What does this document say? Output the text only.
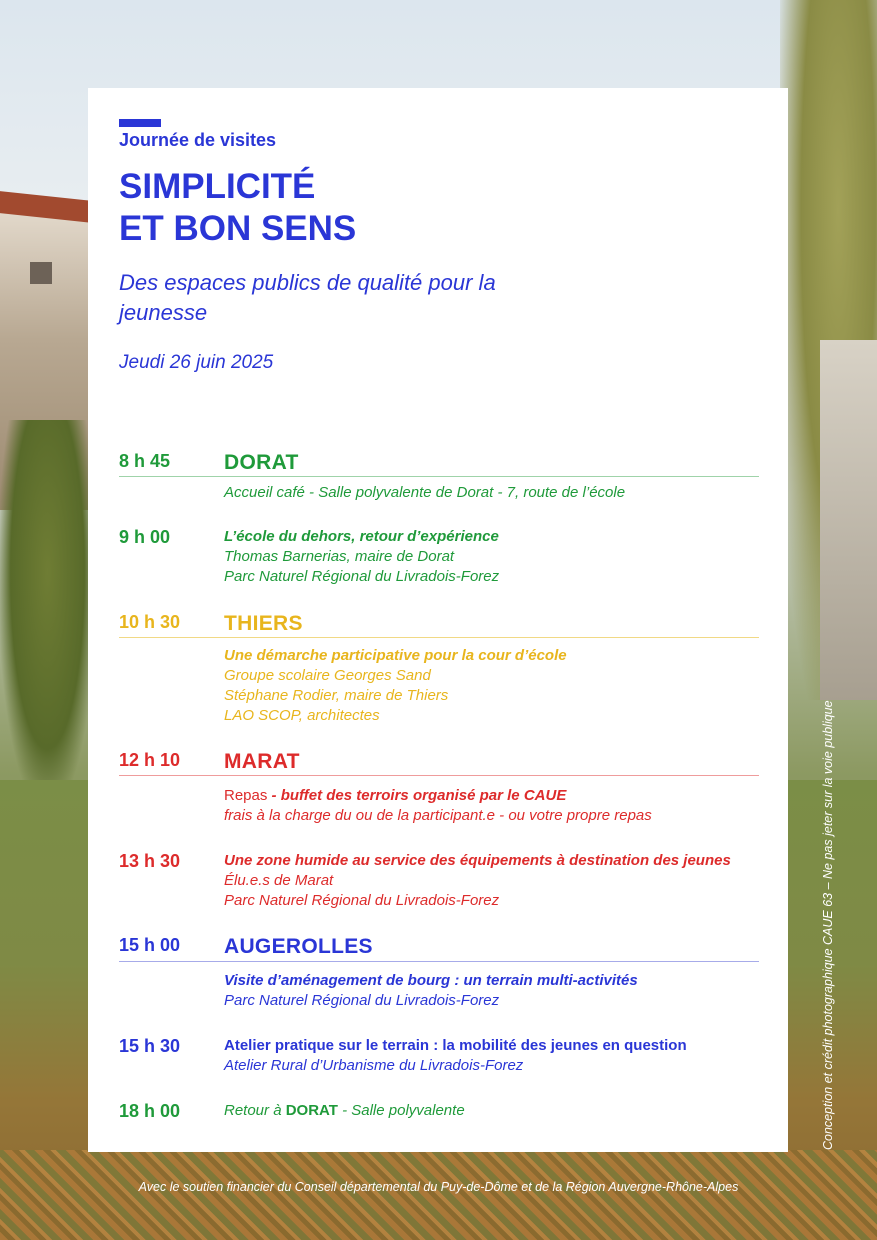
Journée de visites
SIMPLICITÉ
ET BON SENS
Des espaces publics de qualité pour la jeunesse
Jeudi 26 juin 2025
8 h 45	DORAT
Accueil café - Salle polyvalente de Dorat - 7, route de l’école
9 h 00	L’école du dehors, retour d’expérience
Thomas Barnerias, maire de Dorat
Parc Naturel Régional du Livradois-Forez
10 h 30 THIERS
Une démarche participative pour la cour d’école
Groupe scolaire Georges Sand
Stéphane Rodier, maire de Thiers
LAO SCOP, architectes
12 h 10 MARAT
Repas - buffet des terroirs organisé par le CAUE
frais à la charge du ou de la participant.e - ou votre propre repas
13 h 30	Une zone humide au service des équipements à destination des jeunes
Élu.e.s de Marat
Parc Naturel Régional du Livradois-Forez
15 h 00 AUGEROLLES
Visite d’aménagement de bourg : un terrain multi-activités
Parc Naturel Régional du Livradois-Forez
15 h 30	Atelier pratique sur le terrain : la mobilité des jeunes en question
Atelier Rural d’Urbanisme du Livradois-Forez
18 h 00	Retour à DORAT - Salle polyvalente	Conception et crédit photographique CAUE 63 – Ne pas jeter sur la voie publique
Avec le soutien financier du Conseil départemental du Puy-de-Dôme et de la Région Auvergne-Rhône-Alpes
